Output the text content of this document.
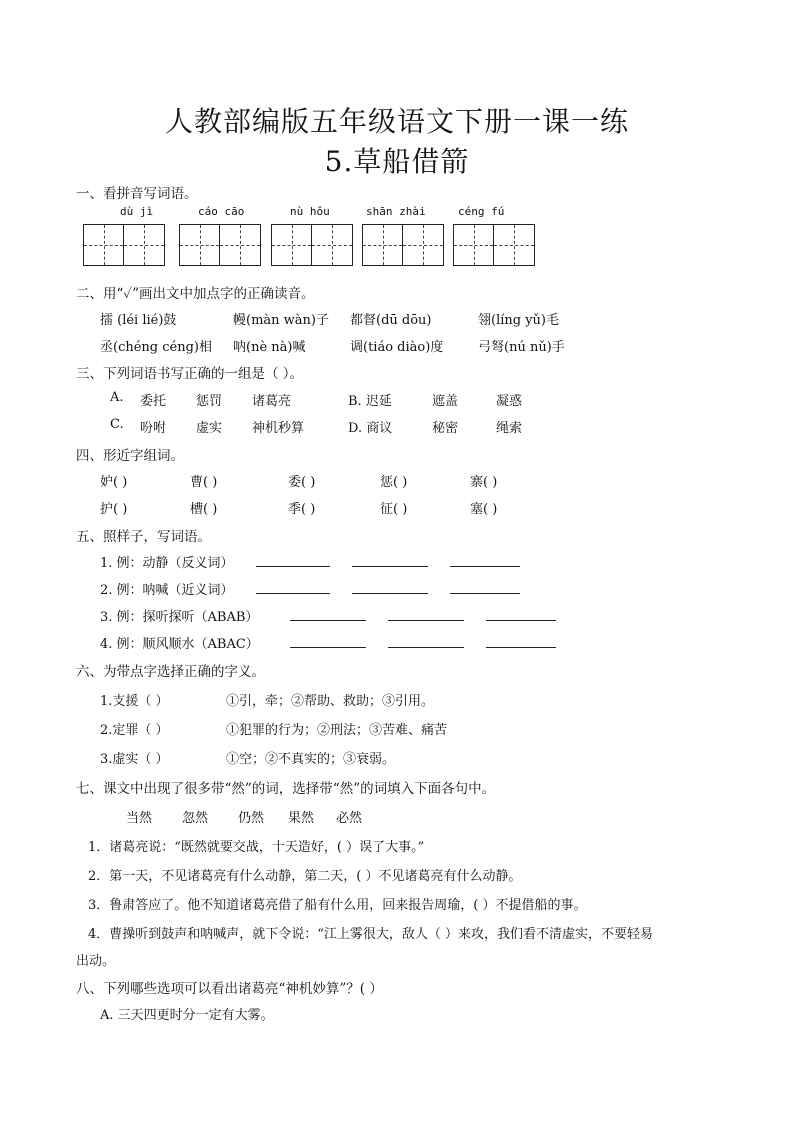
人教部编版五年级语文下册一课一练
5.草船借箭
一、看拼音写词语。
dù jì	cáo cāo	nù hǒu	shān zhài	céng fú
二、用“✓”画出文中加点字的正确读音。
擂 (léi lié)鼓	幔(màn wàn)子 都督(dū dōu)	翎(líng yǔ)毛
丞(chéng céng)相 呐(nè nà)喊	调(tiáo diào)度	弓弩(nú nǔ)手
三、下列词语书写正确的一组是（ ）。
A. 委托 惩罚 诸葛亮	B. 迟延	遮盖	凝惑
C. 吩咐 虚实 神机秒算	D. 商议	秘密	绳索
四、形近字组词。
妒( )	曹( )	委( )	惩( )	寨( )
护( )	槽( )	季( )	征( )	塞( )
五、照样子，写词语。
1. 例：动静（反义词）
2. 例：呐喊（近义词）
3. 例：探听探听（ABAB）
4. 例：顺风顺水（ABAC）
六、为带点字选择正确的字义。
1.支援（ ）	①引，牵；②帮助、救助；③引用。
2.定罪（ ）	①犯罪的行为；②刑法；③苦难、痛苦
3.虚实（ ）	①空；②不真实的；③衰弱。
七、课文中出现了很多带“然”的词，选择带“然”的词填入下面各句中。
当然 忽然 仍然 果然 必然
1．诸葛亮说：“既然就要交战，十天造好，( ）误了大事。”
2．第一天，不见诸葛亮有什么动静，第二天，( ）不见诸葛亮有什么动静。
3．鲁肃答应了。他不知道诸葛亮借了船有什么用，回来报告周瑜，( ）不提借船的事。
4．曹操听到鼓声和呐喊声，就下令说：“江上雾很大，敌人（ ）来攻，我们看不清虚实，不要轻易
出动。
八、下列哪些选项可以看出诸葛亮“神机妙算”？( ）
A. 三天四更时分一定有大雾。
